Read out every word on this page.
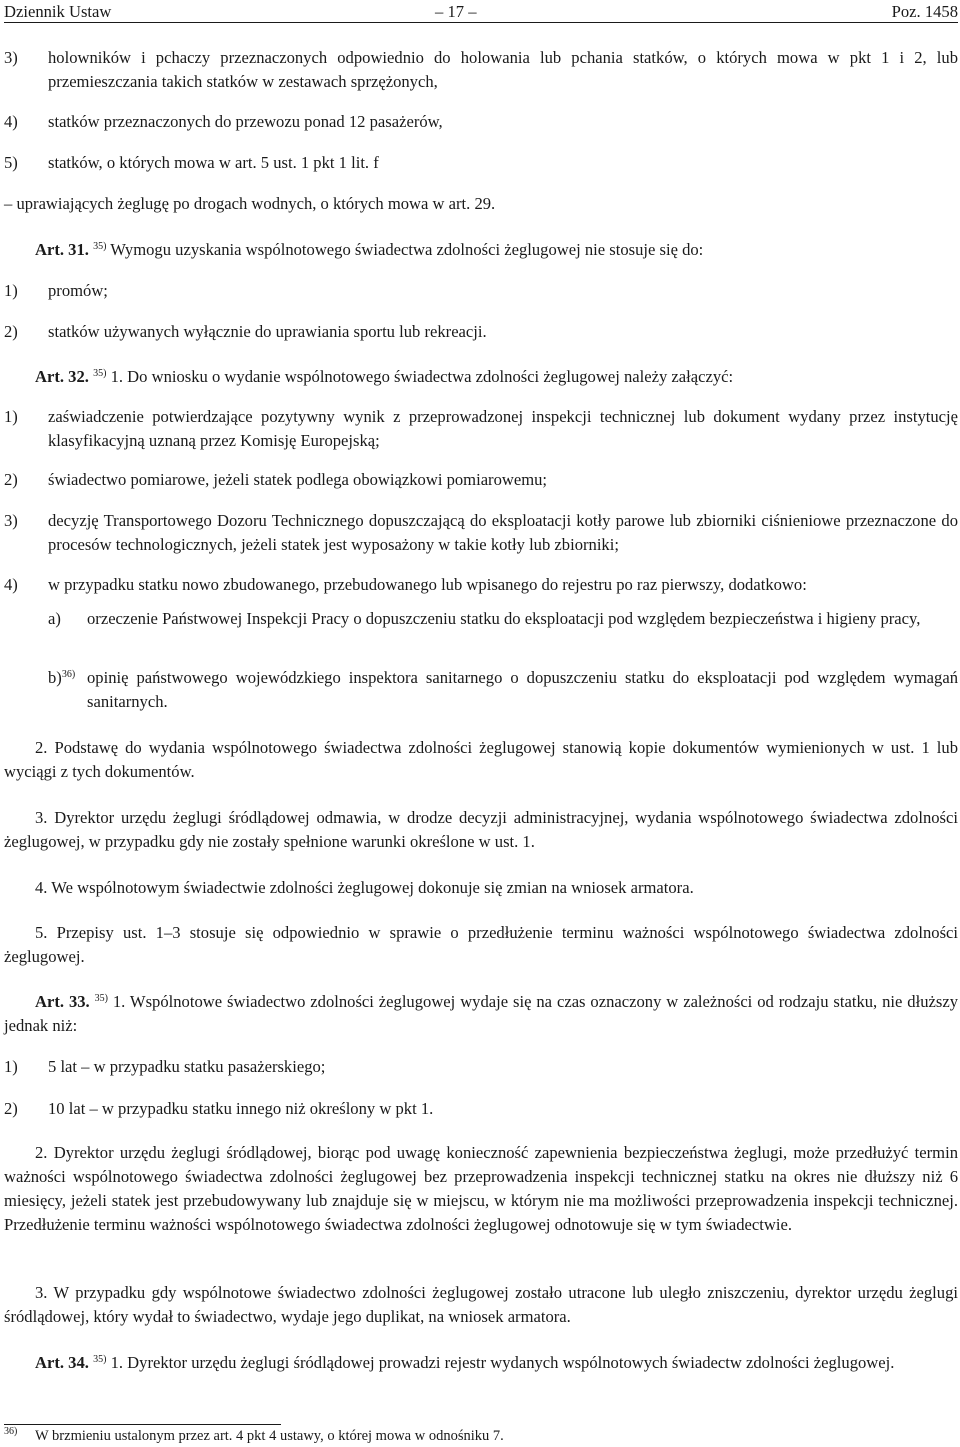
Dziennik Ustaw	– 17 –	Poz. 1458
3) holowników i pchaczy przeznaczonych odpowiednio do holowania lub pchania statków, o których mowa w pkt 1 i 2, lub przemieszczania takich statków w zestawach sprzężonych,
4) statków przeznaczonych do przewozu ponad 12 pasażerów,
5) statków, o których mowa w art. 5 ust. 1 pkt 1 lit. f
– uprawiających żeglugę po drogach wodnych, o których mowa w art. 29.
Art. 31. $^{35)}$ Wymogu uzyskania wspólnotowego świadectwa zdolności żeglugowej nie stosuje się do:
1) promów;
2) statków używanych wyłącznie do uprawiania sportu lub rekreacji.
Art. 32. $^{35)}$ 1. Do wniosku o wydanie wspólnotowego świadectwa zdolności żeglugowej należy załączyć:
1) zaświadczenie potwierdzające pozytywny wynik z przeprowadzonej inspekcji technicznej lub dokument wydany przez instytucję klasyfikacyjną uznaną przez Komisję Europejską;
2) świadectwo pomiarowe, jeżeli statek podlega obowiązkowi pomiarowemu;
3) decyzję Transportowego Dozoru Technicznego dopuszczającą do eksploatacji kotły parowe lub zbiorniki ciśnieniowe przeznaczone do procesów technologicznych, jeżeli statek jest wyposażony w takie kotły lub zbiorniki;
4) w przypadku statku nowo zbudowanego, przebudowanego lub wpisanego do rejestru po raz pierwszy, dodatkowo:
a) orzeczenie Państwowej Inspekcji Pracy o dopuszczeniu statku do eksploatacji pod względem bezpieczeństwa i higieny pracy,
b)$^{36)}$ opinię państwowego wojewódzkiego inspektora sanitarnego o dopuszczeniu statku do eksploatacji pod względem wymagań sanitarnych.
2. Podstawę do wydania wspólnotowego świadectwa zdolności żeglugowej stanowią kopie dokumentów wymienionych w ust. 1 lub wyciągi z tych dokumentów.
3. Dyrektor urzędu żeglugi śródlądowej odmawia, w drodze decyzji administracyjnej, wydania wspólnotowego świadectwa zdolności żeglugowej, w przypadku gdy nie zostały spełnione warunki określone w ust. 1.
4. We wspólnotowym świadectwie zdolności żeglugowej dokonuje się zmian na wniosek armatora.
5. Przepisy ust. 1–3 stosuje się odpowiednio w sprawie o przedłużenie terminu ważności wspólnotowego świadectwa zdolności żeglugowej.
Art. 33. $^{35)}$ 1. Wspólnotowe świadectwo zdolności żeglugowej wydaje się na czas oznaczony w zależności od rodzaju statku, nie dłuższy jednak niż:
1) 5 lat – w przypadku statku pasażerskiego;
2) 10 lat – w przypadku statku innego niż określony w pkt 1.
2. Dyrektor urzędu żeglugi śródlądowej, biorąc pod uwagę konieczność zapewnienia bezpieczeństwa żeglugi, może przedłużyć termin ważności wspólnotowego świadectwa zdolności żeglugowej bez przeprowadzenia inspekcji technicznej statku na okres nie dłuższy niż 6 miesięcy, jeżeli statek jest przebudowywany lub znajduje się w miejscu, w którym nie ma możliwości przeprowadzenia inspekcji technicznej. Przedłużenie terminu ważności wspólnotowego świadectwa zdolności żeglugowej odnotowuje się w tym świadectwie.
3. W przypadku gdy wspólnotowe świadectwo zdolności żeglugowej zostało utracone lub uległo zniszczeniu, dyrektor urzędu żeglugi śródlądowej, który wydał to świadectwo, wydaje jego duplikat, na wniosek armatora.
Art. 34. $^{35)}$ 1. Dyrektor urzędu żeglugi śródlądowej prowadzi rejestr wydanych wspólnotowych świadectw zdolności żeglugowej.
36) W brzmieniu ustalonym przez art. 4 pkt 4 ustawy, o której mowa w odnośniku 7.
